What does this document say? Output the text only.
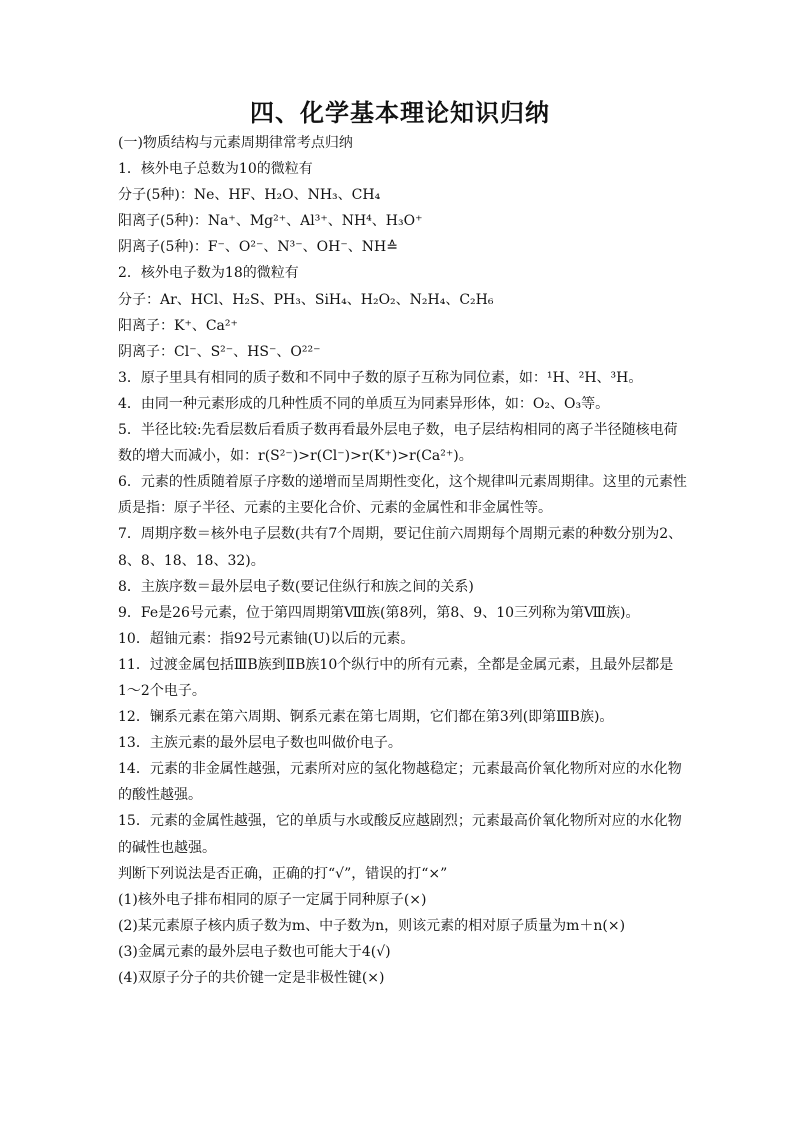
四、化学基本理论知识归纳
(一)物质结构与元素周期律常考点归纳
1．核外电子总数为10的微粒有
分子(5种)：Ne、HF、H₂O、NH₃、CH₄
阳离子(5种)：Na⁺、Mg²⁺、Al³⁺、NH⁴、H₃O⁺
阴离子(5种)：F⁻、O²⁻、N³⁻、OH⁻、NH≙
2．核外电子数为18的微粒有
分子：Ar、HCl、H₂S、PH₃、SiH₄、H₂O₂、N₂H₄、C₂H₆
阳离子：K⁺、Ca²⁺
阴离子：Cl⁻、S²⁻、HS⁻、O²²⁻
3．原子里具有相同的质子数和不同中子数的原子互称为同位素，如：¹H、²H、³H。
4．由同一种元素形成的几种性质不同的单质互为同素异形体，如：O₂、O₃等。
5．半径比较:先看层数后看质子数再看最外层电子数，电子层结构相同的离子半径随核电荷
数的增大而减小，如：r(S²⁻)>r(Cl⁻)>r(K⁺)>r(Ca²⁺)。
6．元素的性质随着原子序数的递增而呈周期性变化，这个规律叫元素周期律。这里的元素性
质是指：原子半径、元素的主要化合价、元素的金属性和非金属性等。
7．周期序数＝核外电子层数(共有7个周期，要记住前六周期每个周期元素的种数分别为2、
8、8、18、18、32)。
8．主族序数＝最外层电子数(要记住纵行和族之间的关系)
9．Fe是26号元素，位于第四周期第Ⅷ族(第8列，第8、9、10三列称为第Ⅷ族)。
10．超铀元素：指92号元素铀(U)以后的元素。
11．过渡金属包括ⅢB族到ⅡB族10个纵行中的所有元素，全都是金属元素，且最外层都是
1～2个电子。
12．镧系元素在第六周期、锕系元素在第七周期，它们都在第3列(即第ⅢB族)。
13．主族元素的最外层电子数也叫做价电子。
14．元素的非金属性越强，元素所对应的氢化物越稳定；元素最高价氧化物所对应的水化物
的酸性越强。
15．元素的金属性越强，它的单质与水或酸反应越剧烈；元素最高价氧化物所对应的水化物
的碱性也越强。
判断下列说法是否正确，正确的打“√”，错误的打“×”
(1)核外电子排布相同的原子一定属于同种原子(×)
(2)某元素原子核内质子数为m、中子数为n，则该元素的相对原子质量为m＋n(×)
(3)金属元素的最外层电子数也可能大于4(√)
(4)双原子分子的共价键一定是非极性键(×)
